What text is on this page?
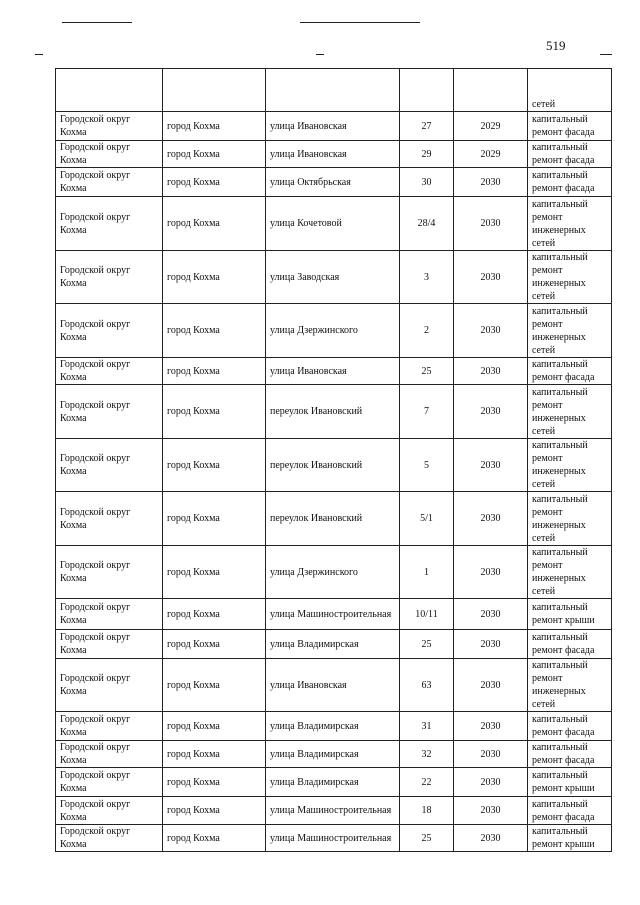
519
					сетей
Городской округ Кохма	город Кохма	улица Ивановская	27	2029	капитальный ремонт фасада
Городской округ Кохма	город Кохма	улица Ивановская	29	2029	капитальный ремонт фасада
Городской округ Кохма	город Кохма	улица Октябрьская	30	2030	капитальный ремонт фасада
Городской округ Кохма	город Кохма	улица Кочетовой	28/4	2030	капитальный ремонт инженерных сетей
Городской округ Кохма	город Кохма	улица Заводская	3	2030	капитальный ремонт инженерных сетей
Городской округ Кохма	город Кохма	улица Дзержинского	2	2030	капитальный ремонт инженерных сетей
Городской округ Кохма	город Кохма	улица Ивановская	25	2030	капитальный ремонт фасада
Городской округ Кохма	город Кохма	переулок Ивановский	7	2030	капитальный ремонт инженерных сетей
Городской округ Кохма	город Кохма	переулок Ивановский	5	2030	капитальный ремонт инженерных сетей
Городской округ Кохма	город Кохма	переулок Ивановский	5/1	2030	капитальный ремонт инженерных сетей
Городской округ Кохма	город Кохма	улица Дзержинского	1	2030	капитальный ремонт инженерных сетей
Городской округ Кохма	город Кохма	улица Машиностроительная	10/11	2030	капитальный ремонт крыши
Городской округ Кохма	город Кохма	улица Владимирская	25	2030	капитальный ремонт фасада
Городской округ Кохма	город Кохма	улица Ивановская	63	2030	капитальный ремонт инженерных сетей
Городской округ Кохма	город Кохма	улица Владимирская	31	2030	капитальный ремонт фасада
Городской округ Кохма	город Кохма	улица Владимирская	32	2030	капитальный ремонт фасада
Городской округ Кохма	город Кохма	улица Владимирская	22	2030	капитальный ремонт крыши
Городской округ Кохма	город Кохма	улица Машиностроительная	18	2030	капитальный ремонт фасада
Городской округ Кохма	город Кохма	улица Машиностроительная	25	2030	капитальный ремонт крыши
